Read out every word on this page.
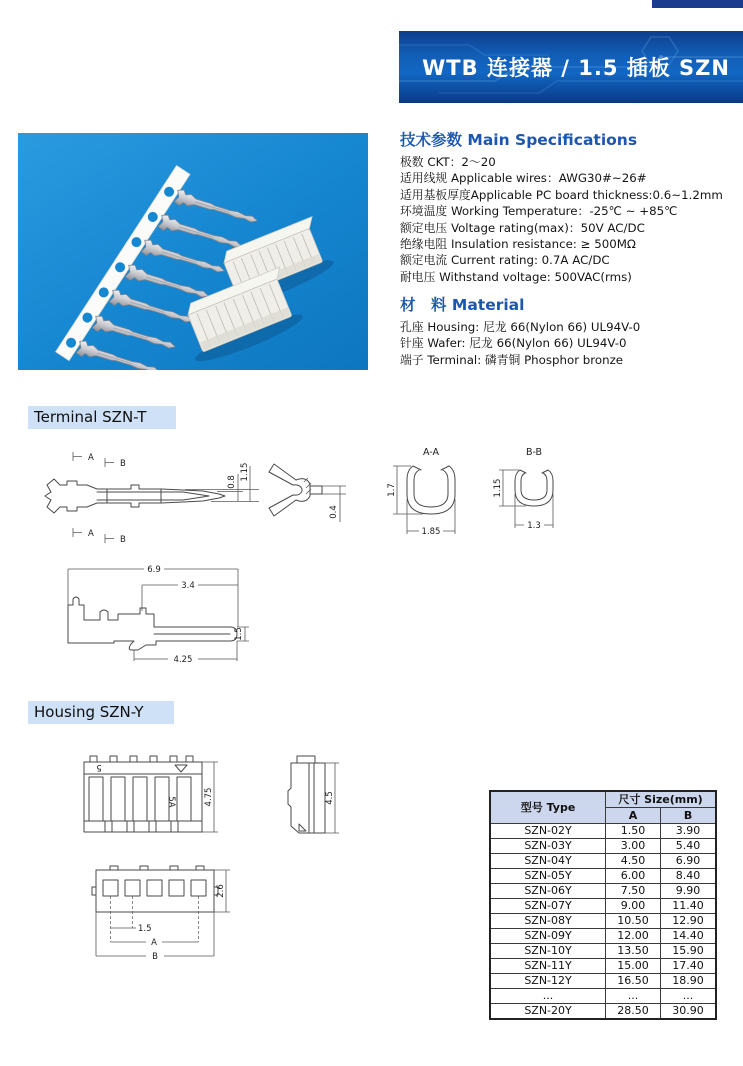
WTB 连接器 / 1.5 插板 SZN
技术参数 Main Specifications
极数 CKT：2～20
适用线规 Applicable wires：AWG30#~26#
适用基板厚度Applicable PC board thickness:0.6~1.2mm
环境温度 Working Temperature：-25℃ ~ +85℃
额定电压 Voltage rating(max)：50V AC/DC
绝缘电阻 Insulation resistance: ≥ 500MΩ
额定电流 Current rating: 0.7A AC/DC
耐电压 Withstand voltage: 500VAC(rms)
材　料 Material
孔座 Housing: 尼龙 66(Nylon 66) UL94V-0
针座 Wafer: 尼龙 66(Nylon 66) UL94V-0
端子 Terminal: 磷青铜 Phosphor bronze
Terminal SZN-T
Housing SZN-Y
A
B
A
B
0.8
1.15
0.4
A-A
1.7
1.85
B-B
1.15
1.3
6.9
3.4
1.5
4.25
5
5A	4.75	4.5
1.5
A
B
2.6
型号 Type	尺寸 Size(mm)	
	A	B
SZN-02Y	1.50	3.90
SZN-03Y	3.00	5.40
SZN-04Y	4.50	6.90
SZN-05Y	6.00	8.40
SZN-06Y	7.50	9.90
SZN-07Y	9.00	11.40
SZN-08Y	10.50	12.90
SZN-09Y	12.00	14.40
SZN-10Y	13.50	15.90
SZN-11Y	15.00	17.40
SZN-12Y	16.50	18.90
...	...	...
SZN-20Y	28.50	30.90
